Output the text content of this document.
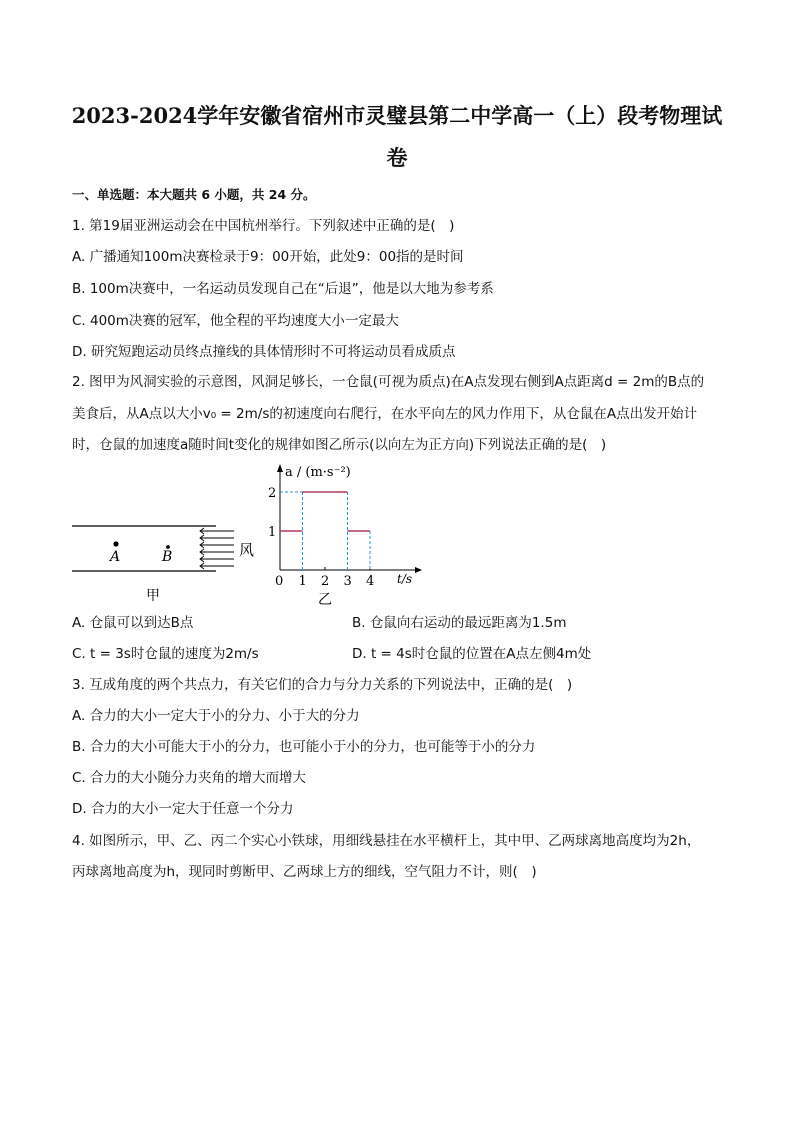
2023-2024学年安徽省宿州市灵璧县第二中学高一（上）段考物理试
卷
一、单选题：本大题共 6 小题，共 24 分。
1. 第19届亚洲运动会在中国杭州举行。下列叙述中正确的是(　)
A. 广播通知100m决赛检录于9：00开始，此处9：00指的是时间
B. 100m决赛中，一名运动员发现自己在“后退”，他是以大地为参考系
C. 400m决赛的冠军，他全程的平均速度大小一定最大
D. 研究短跑运动员终点撞线的具体情形时不可将运动员看成质点
2. 图甲为风洞实验的示意图，风洞足够长，一仓鼠(可视为质点)在A点发现右侧到A点距离d = 2m的B点的
美食后，从A点以大小v₀ = 2m/s的初速度向右爬行，在水平向左的风力作用下，从仓鼠在A点出发开始计
时，仓鼠的加速度a随时间t变化的规律如图乙所示(以向左为正方向)下列说法正确的是(　)
A	B	风
甲
a / (m·s⁻²)
t/s
0 1 2 3 4
1
2
乙
A. 仓鼠可以到达B点	B. 仓鼠向右运动的最远距离为1.5m
C. t = 3s时仓鼠的速度为2m/s	D. t = 4s时仓鼠的位置在A点左侧4m处
3. 互成角度的两个共点力，有关它们的合力与分力关系的下列说法中，正确的是(　)
A. 合力的大小一定大于小的分力、小于大的分力
B. 合力的大小可能大于小的分力，也可能小于小的分力，也可能等于小的分力
C. 合力的大小随分力夹角的增大而增大
D. 合力的大小一定大于任意一个分力
4. 如图所示，甲、乙、丙二个实心小铁球，用细线悬挂在水平横杆上，其中甲、乙两球离地高度均为2h，
丙球离地高度为h，现同时剪断甲、乙两球上方的细线，空气阻力不计，则(　)
